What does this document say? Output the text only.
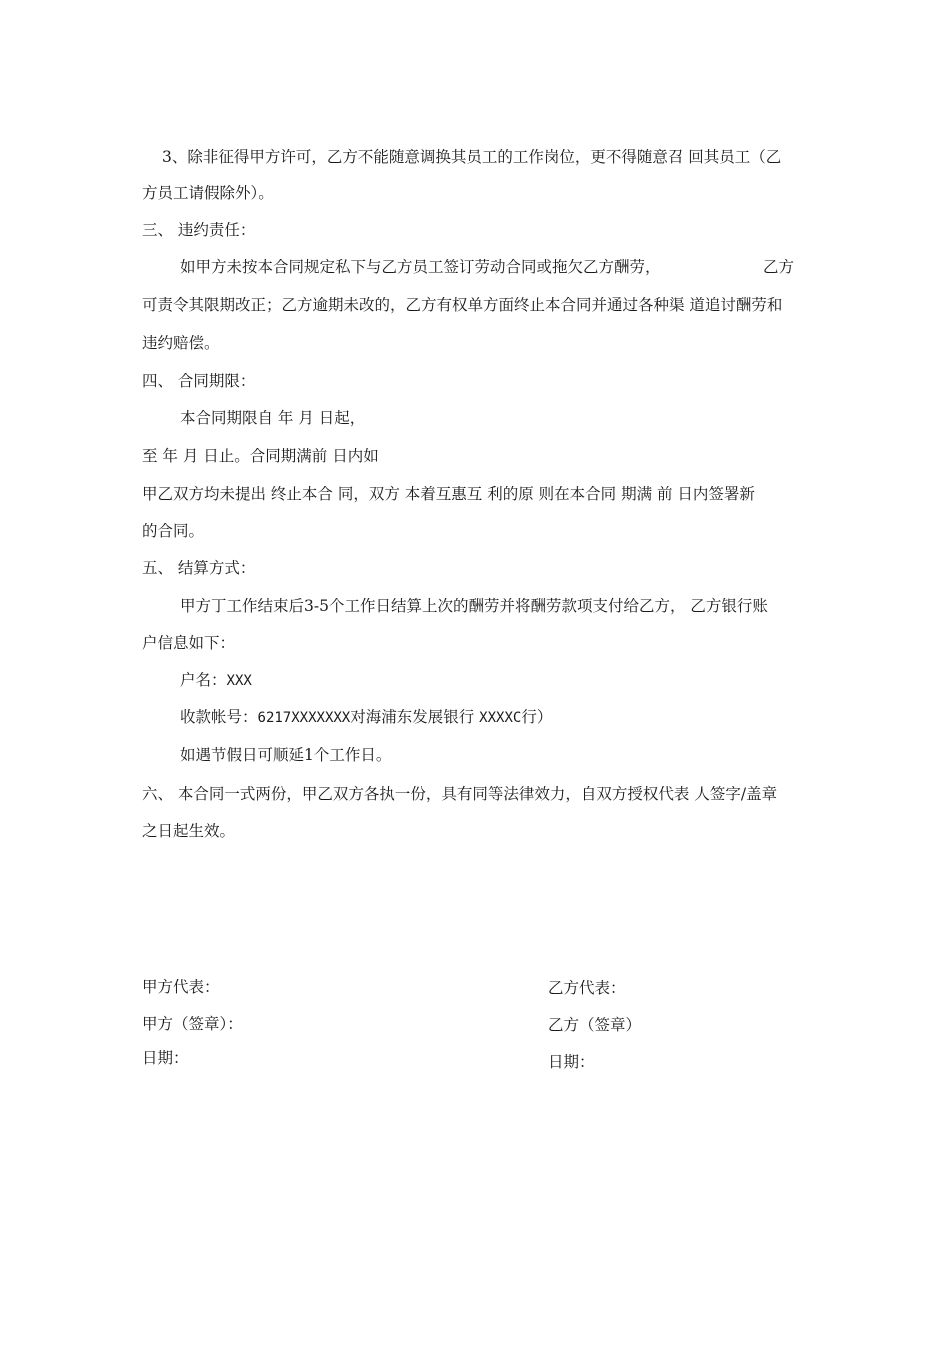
3、除非征得甲方许可，乙方不能随意调换其员工的工作岗位，更不得随意召 回其员工（乙
方员工请假除外）。
三、 违约责任：
如甲方未按本合同规定私下与乙方员工签订劳动合同或拖欠乙方酬劳，	乙方
可责令其限期改正；乙方逾期未改的，乙方有权单方面终止本合同并通过各种渠 道追讨酬劳和
违约赔偿。
四、 合同期限：
本合同期限自 年 月 日起，
至 年 月 日止。合同期满前 日内如
甲乙双方均未提出 终止本合 同，双方 本着互惠互 利的原 则在本合同 期满 前 日内签署新
的合同。
五、 结算方式：
甲方丁工作结束后3-5个工作日结算上次的酬劳并将酬劳款项支付给乙方， 乙方银行账
户信息如下：
户名：XXX
收款帐号：6217XXXXXXX对海浦东发展银行 XXXXC行）
如遇节假日可顺延1个工作日。
六、 本合同一式两份，甲乙双方各执一份，具有同等法律效力，自双方授权代表 人签字/盖章
之日起生效。
甲方代表：
甲方（签章）：
日期：
乙方代表：
乙方（签章）
日期：
